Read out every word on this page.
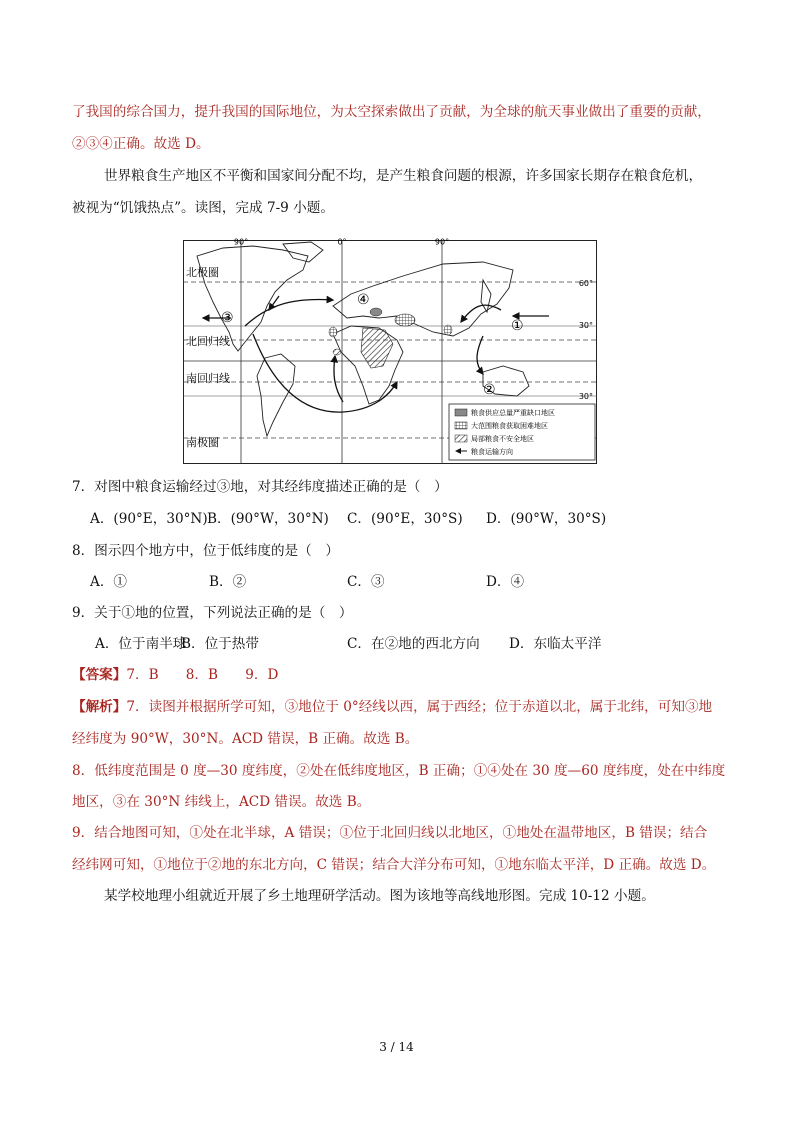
了我国的综合国力，提升我国的国际地位，为太空探索做出了贡献，为全球的航天事业做出了重要的贡献，
②③④正确。故选 D。
世界粮食生产地区不平衡和国家间分配不均，是产生粮食问题的根源，许多国家长期存在粮食危机，
被视为“饥饿热点”。读图，完成 7-9 小题。
90°	0°	90°
60°
30°
30°
北极圈
北回归线
南回归线
南极圈
①
②
③
④
粮食供应总量严重缺口地区
大范围粮食获取困难地区
局部粮食不安全地区
粮食运输方向
7．对图中粮食运输经过③地，对其经纬度描述正确的是（　）
A．(90°E，30°N) B．(90°W，30°N) C．(90°E，30°S) D．(90°W，30°S)
8．图示四个地方中，位于低纬度的是（　）
A．①	B．②	C．③	D．④
9．关于①地的位置，下列说法正确的是（　）
A．位于南半球
B．位于热带	C．在②地的西北方向 D．东临太平洋
【答案】7．B　　8．B　　9．D
【解析】7．读图并根据所学可知，③地位于 0°经线以西，属于西经；位于赤道以北，属于北纬，可知③地
经纬度为 90°W，30°N。ACD 错误，B 正确。故选 B。
8．低纬度范围是 0 度—30 度纬度，②处在低纬度地区，B 正确；①④处在 30 度—60 度纬度，处在中纬度
地区，③在 30°N 纬线上，ACD 错误。故选 B。
9．结合地图可知，①处在北半球，A 错误；①位于北回归线以北地区，①地处在温带地区，B 错误；结合
经纬网可知，①地位于②地的东北方向，C 错误；结合大洋分布可知，①地东临太平洋，D 正确。故选 D。
某学校地理小组就近开展了乡土地理研学活动。图为该地等高线地形图。完成 10-12 小题。
3 / 14
